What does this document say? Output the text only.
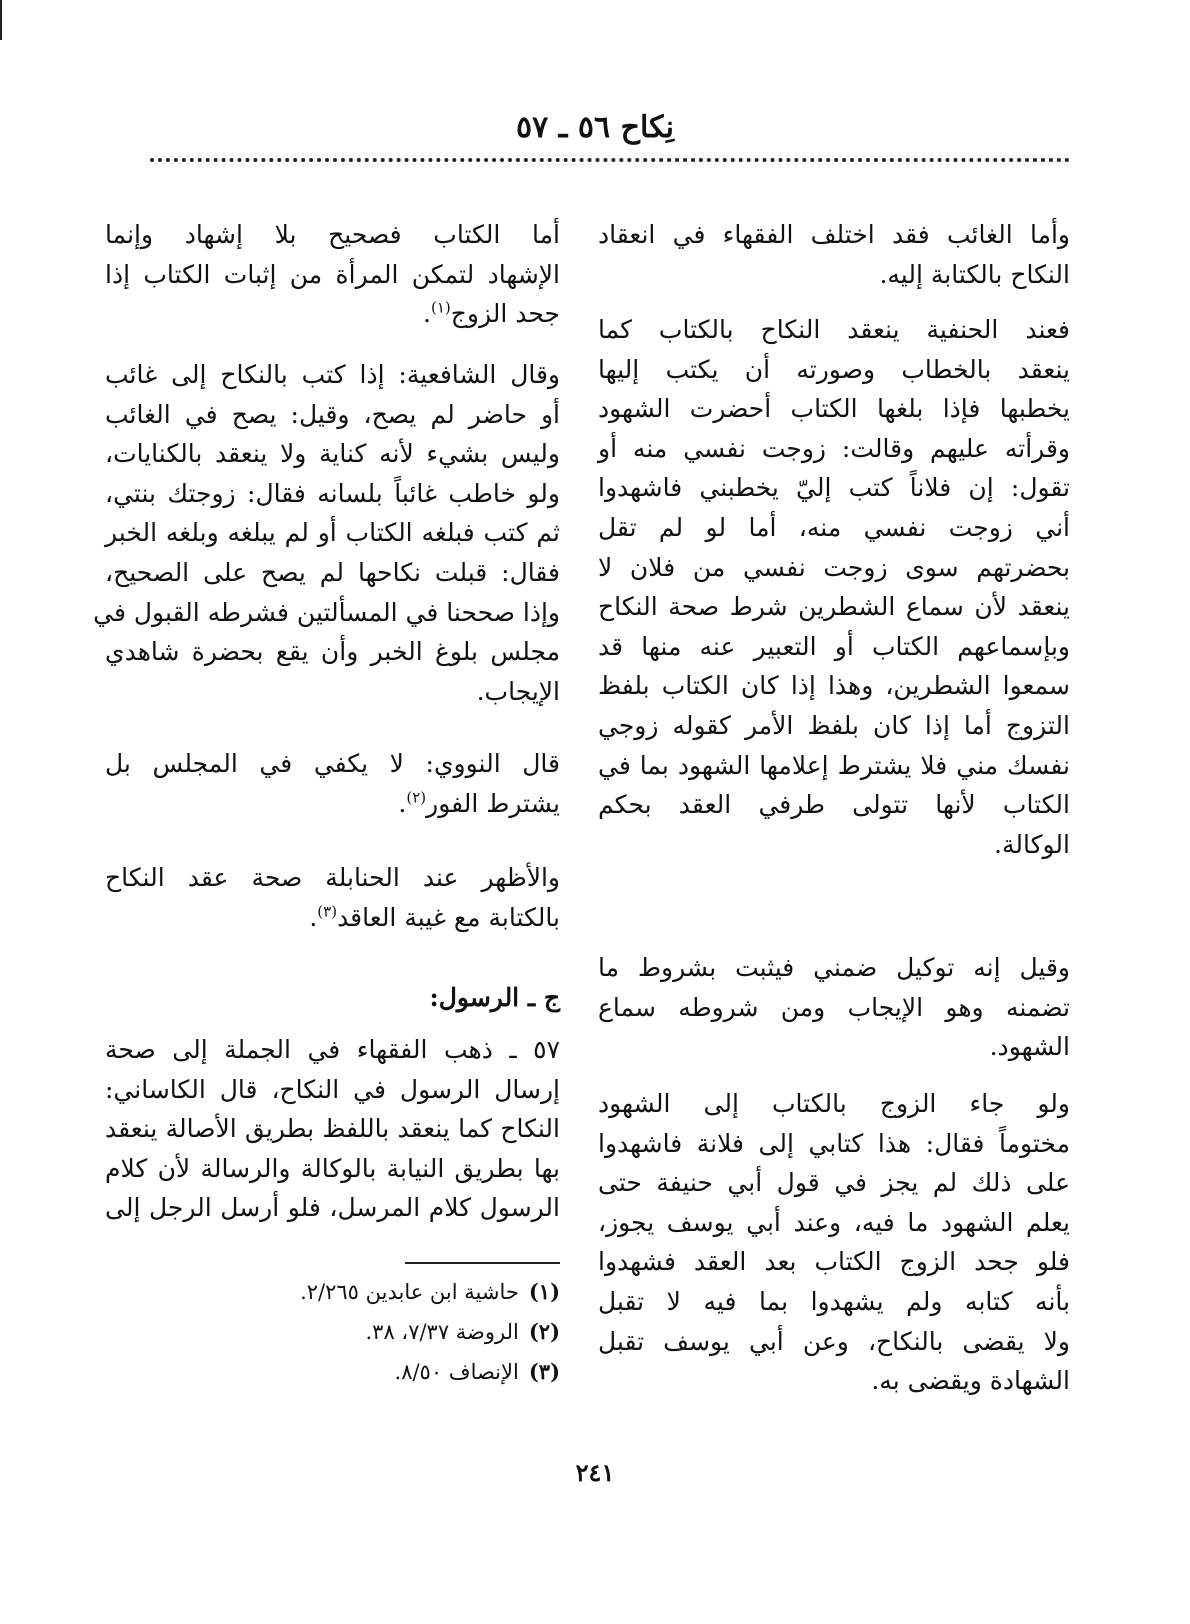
نِكاح ٥٦ ـ ٥٧
وأما الغائب فقد اختلف الفقهاء في انعقاد
النكاح بالكتابة إليه.
فعند الحنفية ينعقد النكاح بالكتاب كما
ينعقد بالخطاب وصورته أن يكتب إليها
يخطبها فإذا بلغها الكتاب أحضرت الشهود
وقرأته عليهم وقالت: زوجت نفسي منه أو
تقول: إن فلاناً كتب إليّ يخطبني فاشهدوا
أني زوجت نفسي منه، أما لو لم تقل
بحضرتهم سوى زوجت نفسي من فلان لا
ينعقد لأن سماع الشطرين شرط صحة النكاح
وبإسماعهم الكتاب أو التعبير عنه منها قد
سمعوا الشطرين، وهذا إذا كان الكتاب بلفظ
التزوج أما إذا كان بلفظ الأمر كقوله زوجي
نفسك مني فلا يشترط إعلامها الشهود بما في
الكتاب لأنها تتولى طرفي العقد بحكم
الوكالة.
وقيل إنه توكيل ضمني فيثبت بشروط ما
تضمنه وهو الإيجاب ومن شروطه سماع
الشهود.
ولو جاء الزوج بالكتاب إلى الشهود
مختوماً فقال: هذا كتابي إلى فلانة فاشهدوا
على ذلك لم يجز في قول أبي حنيفة حتى
يعلم الشهود ما فيه، وعند أبي يوسف يجوز،
فلو جحد الزوج الكتاب بعد العقد فشهدوا
بأنه كتابه ولم يشهدوا بما فيه لا تقبل
ولا يقضى بالنكاح، وعن أبي يوسف تقبل
الشهادة ويقضى به.
أما الكتاب فصحيح بلا إشهاد وإنما
الإشهاد لتمكن المرأة من إثبات الكتاب إذا
جحد الزوج$^{(١)}$.
وقال الشافعية: إذا كتب بالنكاح إلى غائب
أو حاضر لم يصح، وقيل: يصح في الغائب
وليس بشيء لأنه كناية ولا ينعقد بالكنايات،
ولو خاطب غائباً بلسانه فقال: زوجتك بنتي،
ثم كتب فبلغه الكتاب أو لم يبلغه وبلغه الخبر
فقال: قبلت نكاحها لم يصح على الصحيح،
وإذا صححنا في المسألتين فشرطه القبول في
مجلس بلوغ الخبر وأن يقع بحضرة شاهدي
الإيجاب.
قال النووي: لا يكفي في المجلس بل
يشترط الفور$^{(٢)}$.
والأظهر عند الحنابلة صحة عقد النكاح
بالكتابة مع غيبة العاقد$^{(٣)}$.
ج ـ الرسول:
٥٧ ـ ذهب الفقهاء في الجملة إلى صحة
إرسال الرسول في النكاح، قال الكاساني:
النكاح كما ينعقد باللفظ بطريق الأصالة ينعقد
بها بطريق النيابة بالوكالة والرسالة لأن كلام
الرسول كلام المرسل، فلو أرسل الرجل إلى
(١)حاشية ابن عابدين ٢/٢٦٥.
(٢)الروضة ٧/٣٧، ٣٨.
(٣)الإنصاف ٨/٥٠.
٢٤١
